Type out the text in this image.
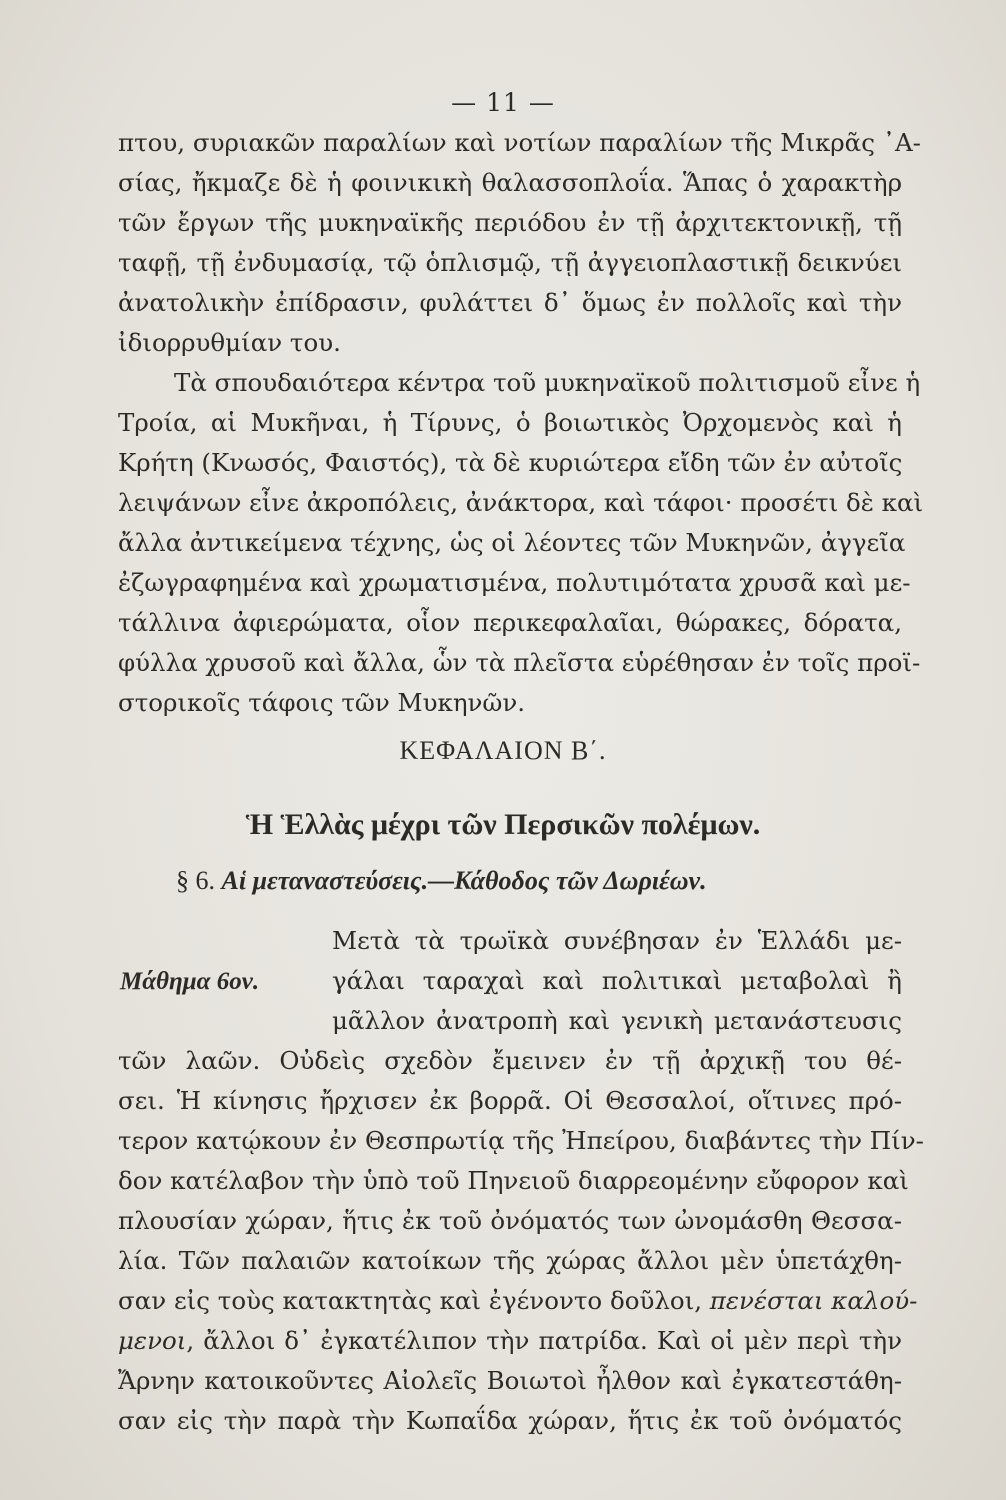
— 11 —
πτου, συριακῶν παραλίων καὶ νοτίων παραλίων τῆς Μικρᾶς ᾿Α-
σίας, ἤκμαζε δὲ ἡ φοινικικὴ θαλασσοπλοΐα. Ἅπας ὁ χαρακτὴρ
τῶν ἔργων τῆς μυκηναϊκῆς περιόδου ἐν τῇ ἀρχιτεκτονικῇ, τῇ
ταφῇ, τῇ ἐνδυμασίᾳ, τῷ ὁπλισμῷ, τῇ ἀγγειοπλαστικῇ δεικνύει
ἀνατολικὴν ἐπίδρασιν, φυλάττει δ᾿ ὅμως ἐν πολλοῖς καὶ τὴν
ἰδιορρυθμίαν του.
Τὰ σπουδαιότερα κέντρα τοῦ μυκηναϊκοῦ πολιτισμοῦ εἶνε ἡ
Τροία, αἱ Μυκῆναι, ἡ Τίρυνς, ὁ βοιωτικὸς Ὀρχομενὸς καὶ ἡ
Κρήτη (Κνωσός, Φαιστός), τὰ δὲ κυριώτερα εἴδη τῶν ἐν αὐτοῖς
λειψάνων εἶνε ἀκροπόλεις, ἀνάκτορα, καὶ τάφοι· προσέτι δὲ καὶ
ἄλλα ἀντικείμενα τέχνης, ὡς οἱ λέοντες τῶν Μυκηνῶν, ἀγγεῖα
ἐζωγραφημένα καὶ χρωματισμένα, πολυτιμότατα χρυσᾶ καὶ με-
τάλλινα ἀφιερώματα, οἷον περικεφαλαῖαι, θώρακες, δόρατα,
φύλλα χρυσοῦ καὶ ἄλλα, ὧν τὰ πλεῖστα εὑρέθησαν ἐν τοῖς προϊ-
στορικοῖς τάφοις τῶν Μυκηνῶν.
ΚΕΦΑΛΑΙΟΝ Β΄.
Ἡ Ἑλλὰς μέχρι τῶν Περσικῶν πολέμων.
§ 6. Αἱ μεταναστεύσεις.—Κάθοδος τῶν Δωριέων.
Μάθημα 6ον.
Μετὰ τὰ τρωϊκὰ συνέβησαν ἐν Ἑλλάδι με-
γάλαι ταραχαὶ καὶ πολιτικαὶ μεταβολαὶ ἢ
μᾶλλον ἀνατροπὴ καὶ γενικὴ μετανάστευσις
τῶν λαῶν. Οὐδεὶς σχεδὸν ἔμεινεν ἐν τῇ ἀρχικῇ του θέ-
σει. Ἡ κίνησις ἤρχισεν ἐκ βορρᾶ. Οἱ Θεσσαλοί, οἵτινες πρό-
τερον κατῴκουν ἐν Θεσπρωτίᾳ τῆς Ἠπείρου, διαβάντες τὴν Πίν-
δον κατέλαβον τὴν ὑπὸ τοῦ Πηνειοῦ διαρρεομένην εὔφορον καὶ
πλουσίαν χώραν, ἥτις ἐκ τοῦ ὀνόματός των ὠνομάσθη Θεσσα-
λία. Τῶν παλαιῶν κατοίκων τῆς χώρας ἄλλοι μὲν ὑπετάχθη-
σαν εἰς τοὺς κατακτητὰς καὶ ἐγένοντο δοῦλοι, πενέσται καλού-
μενοι, ἄλλοι δ᾿ ἐγκατέλιπον τὴν πατρίδα. Καὶ οἱ μὲν περὶ τὴν
Ἄρνην κατοικοῦντες Αἰολεῖς Βοιωτοὶ ἦλθον καὶ ἐγκατεστάθη-
σαν εἰς τὴν παρὰ τὴν Κωπαΐδα χώραν, ἥτις ἐκ τοῦ ὀνόματός
